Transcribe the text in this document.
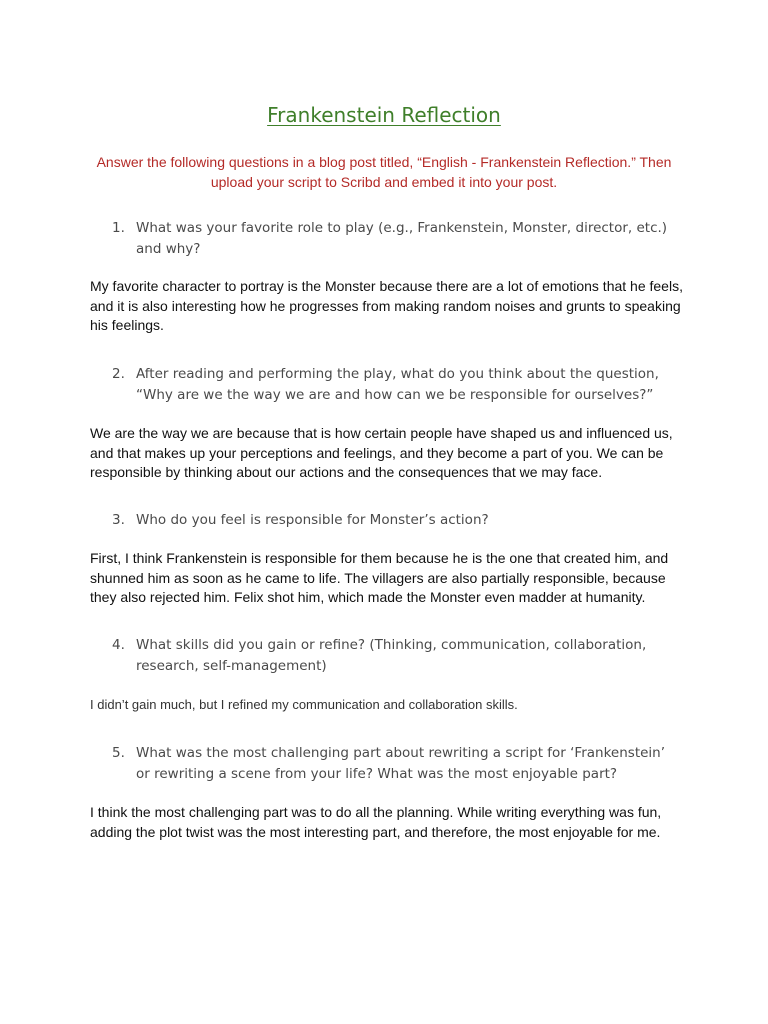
Frankenstein Reflection
Answer the following questions in a blog post titled, “English - Frankenstein Reflection.” Then upload your script to Scribd and embed it into your post.
1. What was your favorite role to play (e.g., Frankenstein, Monster, director, etc.) and why?
My favorite character to portray is the Monster because there are a lot of emotions that he feels, and it is also interesting how he progresses from making random noises and grunts to speaking his feelings.
2. After reading and performing the play, what do you think about the question, “Why are we the way we are and how can we be responsible for ourselves?”
We are the way we are because that is how certain people have shaped us and influenced us, and that makes up your perceptions and feelings, and they become a part of you. We can be responsible by thinking about our actions and the consequences that we may face.
3. Who do you feel is responsible for Monster’s action?
First, I think Frankenstein is responsible for them because he is the one that created him, and shunned him as soon as he came to life. The villagers are also partially responsible, because they also rejected him. Felix shot him, which made the Monster even madder at humanity.
4. What skills did you gain or refine? (Thinking, communication, collaboration, research, self-management)
I didn’t gain much, but I refined my communication and collaboration skills.
5. What was the most challenging part about rewriting a script for ‘Frankenstein’ or rewriting a scene from your life? What was the most enjoyable part?
I think the most challenging part was to do all the planning. While writing everything was fun, adding the plot twist was the most interesting part, and therefore, the most enjoyable for me.
